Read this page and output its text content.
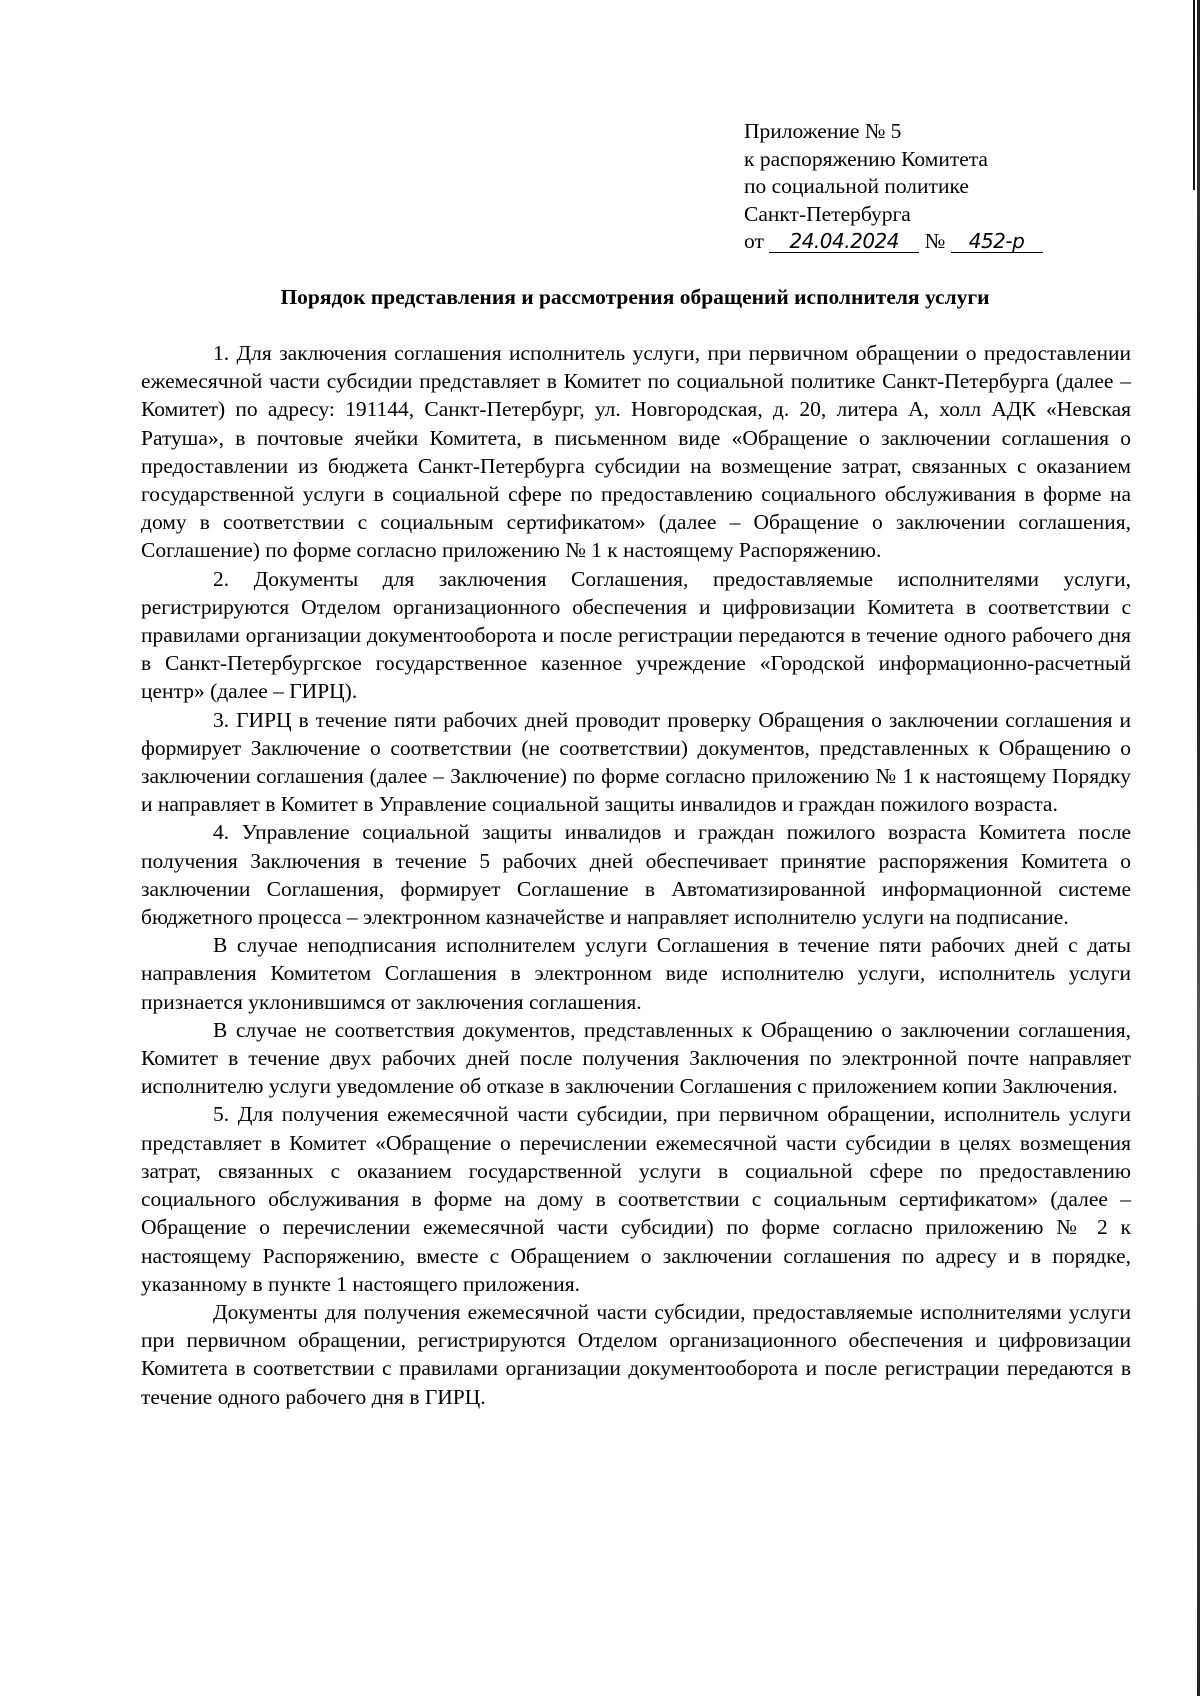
Приложение № 5
к распоряжению Комитета
по социальной политике
Санкт-Петербурга
от 24.04.2024 № 452-р
Порядок представления и рассмотрения обращений исполнителя услуги

1. Для заключения соглашения исполнитель услуги, при первичном обращении о предоставлении ежемесячной части субсидии представляет в Комитет по социальной политике Санкт-Петербурга (далее – Комитет) по адресу: 191144, Санкт-Петербург, ул. Новгородская, д. 20, литера А, холл АДК «Невская Ратуша», в почтовые ячейки Комитета, в письменном виде «Обращение о заключении соглашения о предоставлении из бюджета Санкт-Петербурга субсидии на возмещение затрат, связанных с оказанием государственной услуги в социальной сфере по предоставлению социального обслуживания в форме на дому в соответствии с социальным сертификатом» (далее – Обращение о заключении соглашения, Соглашение) по форме согласно приложению № 1 к настоящему Распоряжению.

2. Документы для заключения Соглашения, предоставляемые исполнителями услуги, регистрируются Отделом организационного обеспечения и цифровизации Комитета в соответствии с правилами организации документооборота и после регистрации передаются в течение одного рабочего дня в Санкт-Петербургское государственное казенное учреждение «Городской информационно-расчетный центр» (далее – ГИРЦ).

3. ГИРЦ в течение пяти рабочих дней проводит проверку Обращения о заключении соглашения и формирует Заключение о соответствии (не соответствии) документов, представленных к Обращению о заключении соглашения (далее – Заключение) по форме согласно приложению № 1 к настоящему Порядку и направляет в Комитет в Управление социальной защиты инвалидов и граждан пожилого возраста.

4. Управление социальной защиты инвалидов и граждан пожилого возраста Комитета после получения Заключения в течение 5 рабочих дней обеспечивает принятие распоряжения Комитета о заключении Соглашения, формирует Соглашение в Автоматизированной информационной системе бюджетного процесса – электронном казначействе и направляет исполнителю услуги на подписание.

В случае неподписания исполнителем услуги Соглашения в течение пяти рабочих дней с даты направления Комитетом Соглашения в электронном виде исполнителю услуги, исполнитель услуги признается уклонившимся от заключения соглашения.

В случае не соответствия документов, представленных к Обращению о заключении соглашения, Комитет в течение двух рабочих дней после получения Заключения по электронной почте направляет исполнителю услуги уведомление об отказе в заключении Соглашения с приложением копии Заключения.

5. Для получения ежемесячной части субсидии, при первичном обращении, исполнитель услуги представляет в Комитет «Обращение о перечислении ежемесячной части субсидии в целях возмещения затрат, связанных с оказанием государственной услуги в социальной сфере по предоставлению социального обслуживания в форме на дому в соответствии с социальным сертификатом» (далее – Обращение о перечислении ежемесячной части субсидии) по форме согласно приложению № 2 к настоящему Распоряжению, вместе с Обращением о заключении соглашения по адресу и в порядке, указанному в пункте 1 настоящего приложения.

Документы для получения ежемесячной части субсидии, предоставляемые исполнителями услуги при первичном обращении, регистрируются Отделом организационного обеспечения и цифровизации Комитета в соответствии с правилами организации документооборота и после регистрации передаются в течение одного рабочего дня в ГИРЦ.
